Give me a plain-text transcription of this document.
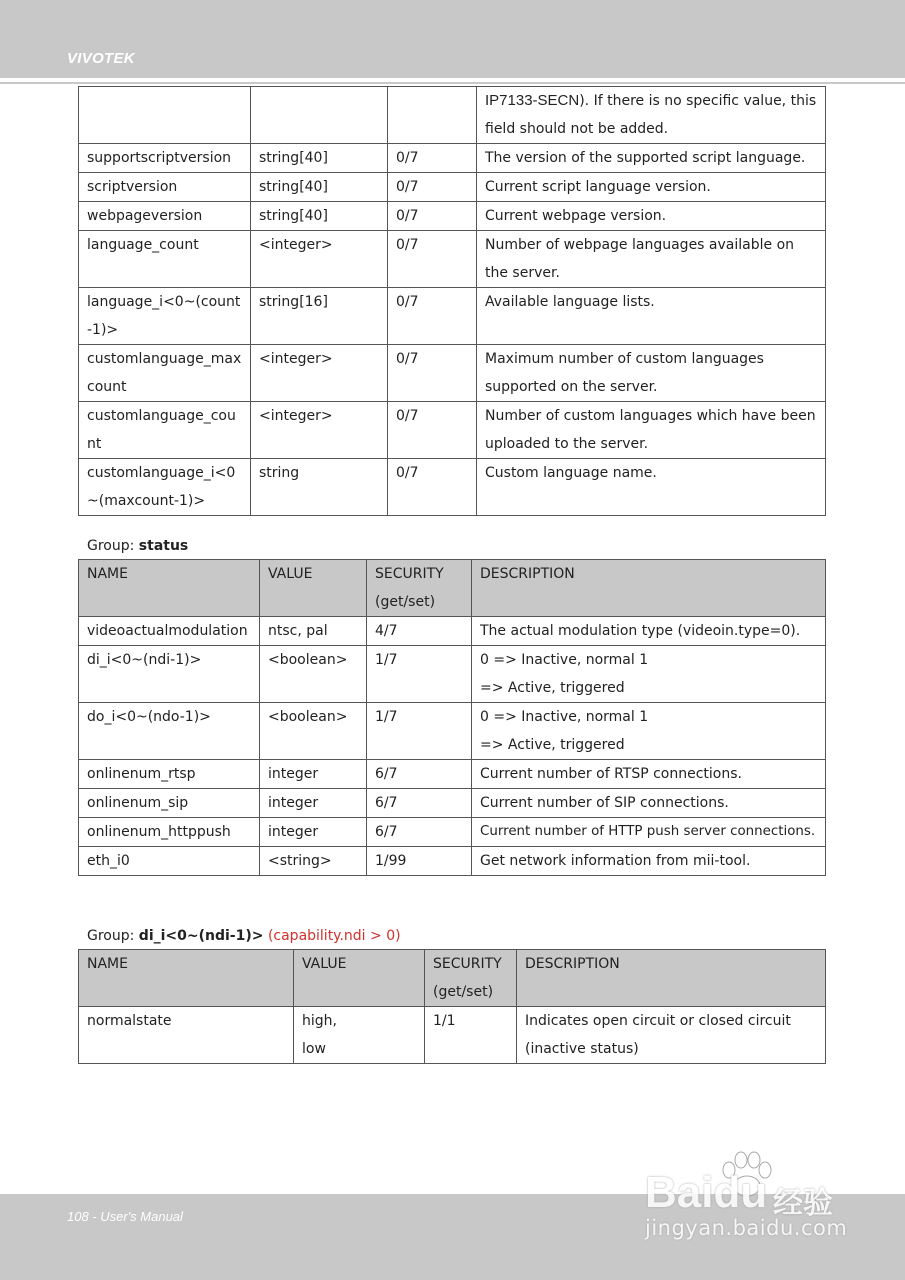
VIVOTEK
			IP7133-SECN). If there is no specific value, this field should not be added.
supportscriptversion	string[40]	0/7	The version of the supported script language.
scriptversion	string[40]	0/7	Current script language version.
webpageversion	string[40]	0/7	Current webpage version.
language_count	<integer>	0/7	Number of webpage languages available on the server.
language_i<0~(count -1)>	string[16]	0/7	Available language lists.
customlanguage_maxcount	<integer>	0/7	Maximum number of custom languages supported on the server.
customlanguage_count	<integer>	0/7	Number of custom languages which have been uploaded to the server.
customlanguage_i<0 ~(maxcount-1)>	string	0/7	Custom language name.
Group: status
NAME	VALUE	SECURITY (get/set)	DESCRIPTION
videoactualmodulation	ntsc, pal	4/7	The actual modulation type (videoin.type=0).
di_i<0~(ndi-1)>	<boolean>	1/7	0 => Inactive, normal 1 => Active, triggered
do_i<0~(ndo-1)>	<boolean>	1/7	0 => Inactive, normal 1 => Active, triggered
onlinenum_rtsp	integer	6/7	Current number of RTSP connections.
onlinenum_sip	integer	6/7	Current number of SIP connections.
onlinenum_httppush	integer	6/7	Current number of HTTP push server connections.
eth_i0	<string>	1/99	Get network information from mii-tool.
Group: di_i<0~(ndi-1)> (capability.ndi > 0)
NAME	VALUE	SECURITY (get/set)	DESCRIPTION
normalstate	high, low	1/1	Indicates open circuit or closed circuit (inactive status)
108 - User's Manual	Baidu 经验
jingyan.baidu.com
